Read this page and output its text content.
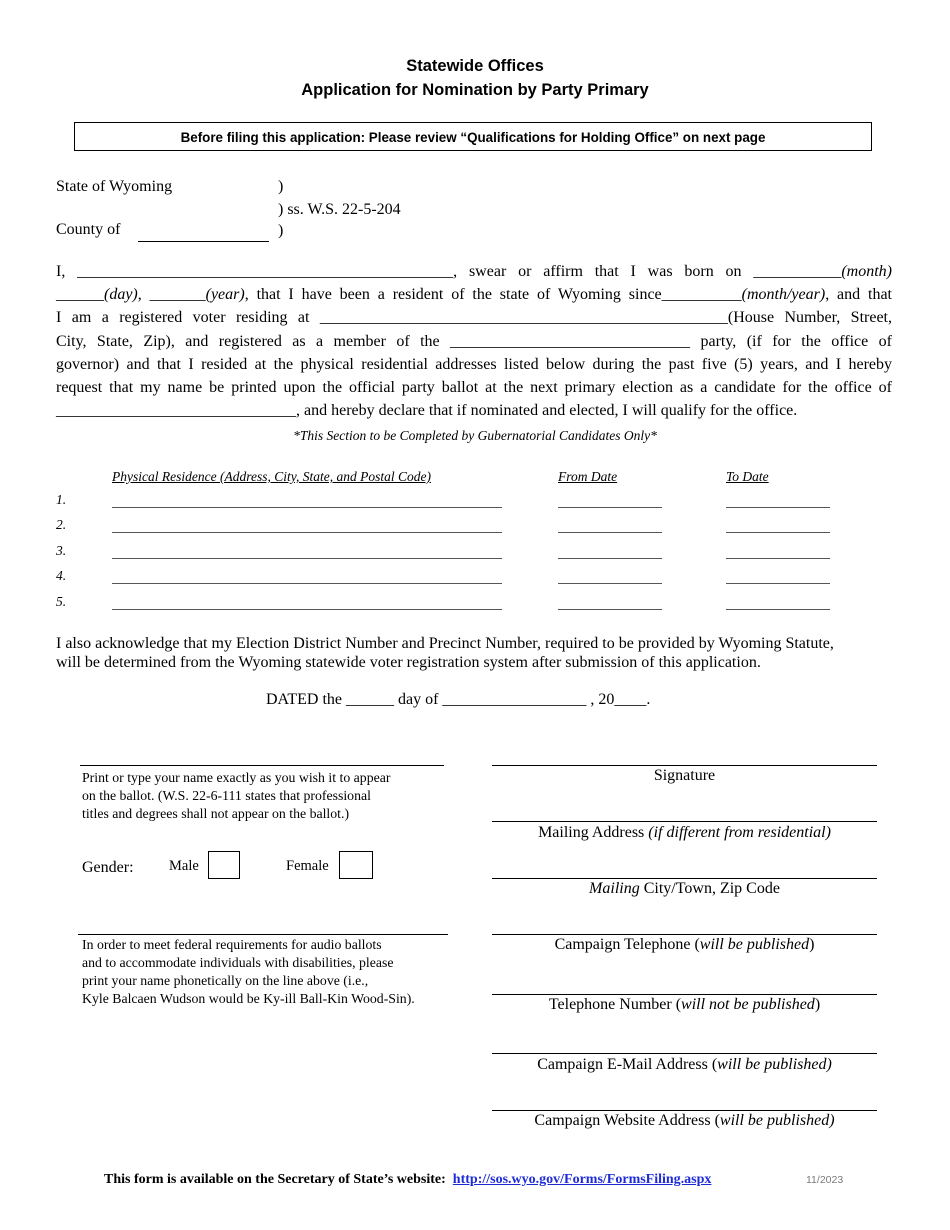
Statewide Offices
Application for Nomination by Party Primary
Before filing this application: Please review “Qualifications for Holding Office” on next page
State of Wyoming	)
) ss. W.S. 22-5-204
County of	)
I, _______________________________________________, swear or affirm that I was born on ___________(month)
______(day), _______(year), that I have been a resident of the state of Wyoming since__________(month/year), and that
I am a registered voter residing at ___________________________________________________(House Number, Street,
City, State, Zip), and registered as a member of the ______________________________ party, (if for the office of
governor) and that I resided at the physical residential addresses listed below during the past five (5) years, and I hereby
request that my name be printed upon the official party ballot at the next primary election as a candidate for the office of
______________________________, and hereby declare that if nominated and elected, I will qualify for the office.
*This Section to be Completed by Gubernatorial Candidates Only*
Physical Residence (Address, City, State, and Postal Code)	From Date	To Date
1.
2.
3.
4.
5.
I also acknowledge that my Election District Number and Precinct Number, required to be provided by Wyoming Statute,
will be determined from the Wyoming statewide voter registration system after submission of this application.
DATED the ______ day of __________________ , 20____.
Print or type your name exactly as you wish it to appear
on the ballot. (W.S. 22-6-111 states that professional
titles and degrees shall not appear on the ballot.)
Gender: Male	Female
In order to meet federal requirements for audio ballots
and to accommodate individuals with disabilities, please
print your name phonetically on the line above (i.e.,
Kyle Balcaen Wudson would be Ky-ill Ball-Kin Wood-Sin).
Signature
Mailing Address (if different from residential)
Mailing City/Town, Zip Code
Campaign Telephone (will be published)
Telephone Number (will not be published)
Campaign E-Mail Address (will be published)
Campaign Website Address (will be published)
This form is available on the Secretary of State’s website: http://sos.wyo.gov/Forms/FormsFiling.aspx	11/2023
